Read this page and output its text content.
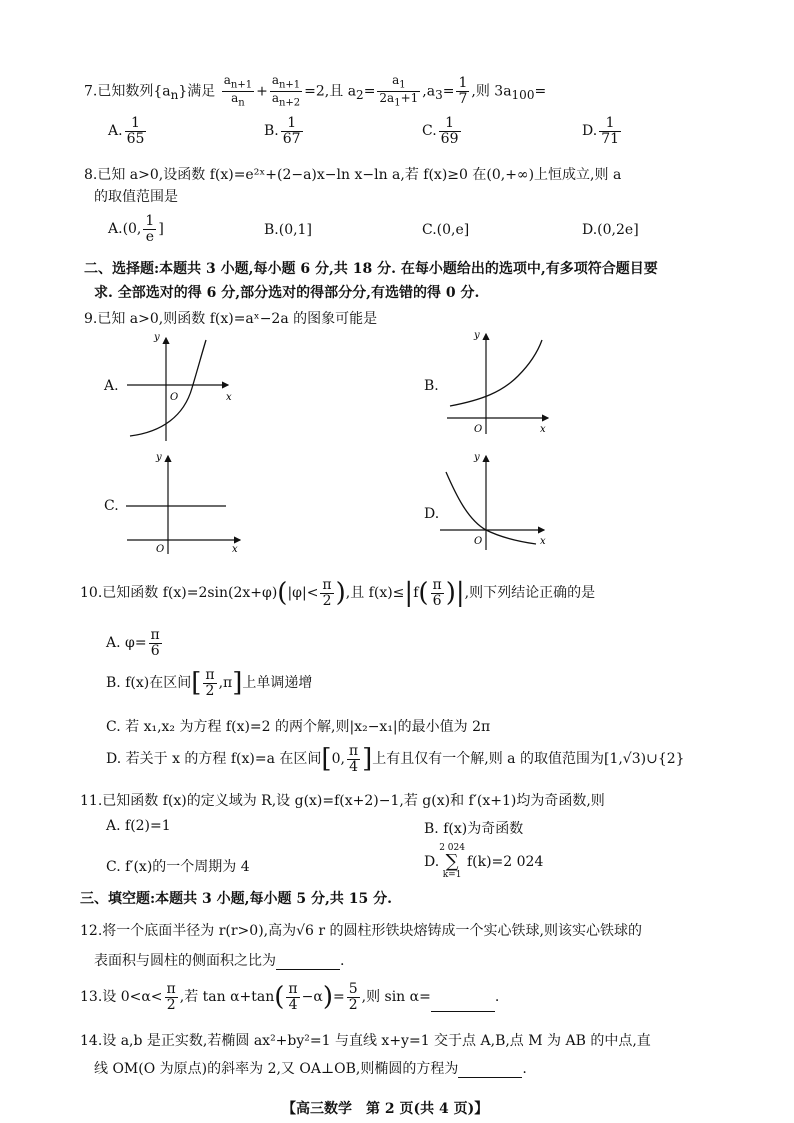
7.已知数列$\{a_n\}$满足 $\frac{a_{n+1}}{a_n} + \frac{a_{n+1}}{a_{n+2}} =2$,且 $a_2= \frac{a_1}{2a_1+1} ,a_3= \frac{1}{7}$ ,则 $3a_{100}=$
A. $\frac{1}{65}$	B. $\frac{1}{67}$	C. $\frac{1}{69}$	D. $\frac{1}{71}$
8.已知 a>0,设函数 f(x)=e²ˣ+(2−a)x−ln x−ln a,若 f(x)≥0 在(0,+∞)上恒成立,则 a
的取值范围是
A.(0, $\frac{1}{e}$ ]	B.(0,1]	C.(0,e]	D.(0,2e]
二、选择题:本题共 3 小题,每小题 6 分,共 18 分. 在每小题给出的选项中,有多项符合题目要
求. 全部选对的得 6 分,部分选对的得部分分,有选错的得 0 分.
9.已知 a>0,则函数 f(x)=aˣ−2a 的图象可能是
A.
y
x
O
B.
y
x
O
C.
y
x
O
D.
y
x
O
10.已知函数 $f(x)=2\sin(2x+\varphi)(|\varphi|< \frac{\pi}{2}$ ),且 $f(x)\le|f( \frac{\pi}{6}$ )|,则下列结论正确的是
A. $\varphi= \frac{\pi}{6}$
B. f(x)在区间[ $\frac{\pi}{2} ,\pi$]上单调递增
C. 若 x₁,x₂ 为方程 f(x)=2 的两个解,则|x₂−x₁|的最小值为 2π
D. 若关于 x 的方程 f(x)=a 在区间[0, $\frac{\pi}{4}$ ]上有且仅有一个解,则 a 的取值范围为[1,√3)∪{2}
11.已知函数 f(x)的定义域为 R,设 g(x)=f(x+2)−1,若 g(x)和 f′(x+1)均为奇函数,则
A. f(2)=1	B. f(x)为奇函数
C. f′(x)的一个周期为 4	D.2 024
∑
k=1f(k)=2 024
三、填空题:本题共 3 小题,每小题 5 分,共 15 分.
12.将一个底面半径为 r(r>0),高为√6 r 的圆柱形铁块熔铸成一个实心铁球,则该实心铁球的
表面积与圆柱的侧面积之比为	.
13.设 $0<\alpha< \frac{\pi}{2}$ ,若 $\tan \alpha+\tan( \frac{\pi}{4} -\alpha)= \frac{5}{2}$ ,则 sin α=	.
14.设 a,b 是正实数,若椭圆 ax²+by²=1 与直线 x+y=1 交于点 A,B,点 M 为 AB 的中点,直
线 OM(O 为原点)的斜率为 2,又 OA⊥OB,则椭圆的方程为	.
【高三数学　第 2 页(共 4 页)】
